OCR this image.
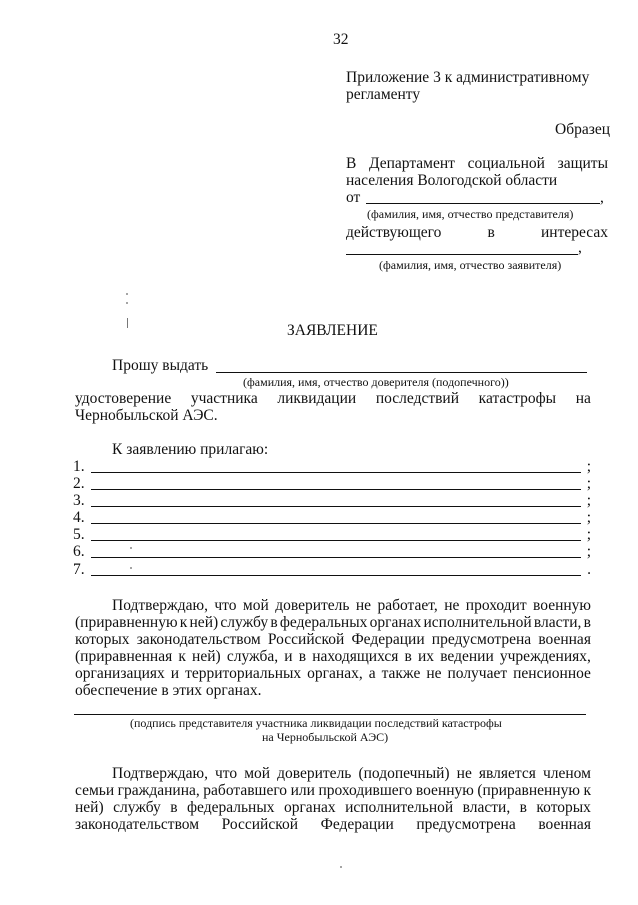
32
Приложение 3 к административному
регламенту
Образец
В Департамент социальной защиты
населения Вологодской области
от	,
(фамилия, имя, отчество представителя)
действующего	в	интересах
,
(фамилия, имя, отчество заявителя)
ЗАЯВЛЕНИЕ
Прошу выдать
(фамилия, имя, отчество доверителя (подопечного))
удостоверение участника ликвидации последствий катастрофы на
Чернобыльской АЭС.
К заявлению прилагаю:
1.	;
2.	;
3.	;
4.	;
5.	;
6.	;
7.	.
Подтверждаю, что мой доверитель не работает, не проходит военную
(приравненную к ней) службу в федеральных органах исполнительной власти, в
которых законодательством Российской Федерации предусмотрена военная
(приравненная к ней) служба, и в находящихся в их ведении учреждениях,
организациях и территориальных органах, а также не получает пенсионное
обеспечение в этих органах.
(подпись представителя участника ликвидации последствий катастрофы
на Чернобыльской АЭС)
Подтверждаю, что мой доверитель (подопечный) не является членом
семьи гражданина, работавшего или проходившего военную (приравненную к
ней) службу в федеральных органах исполнительной власти, в которых
законодательством Российской Федерации предусмотрена военная
